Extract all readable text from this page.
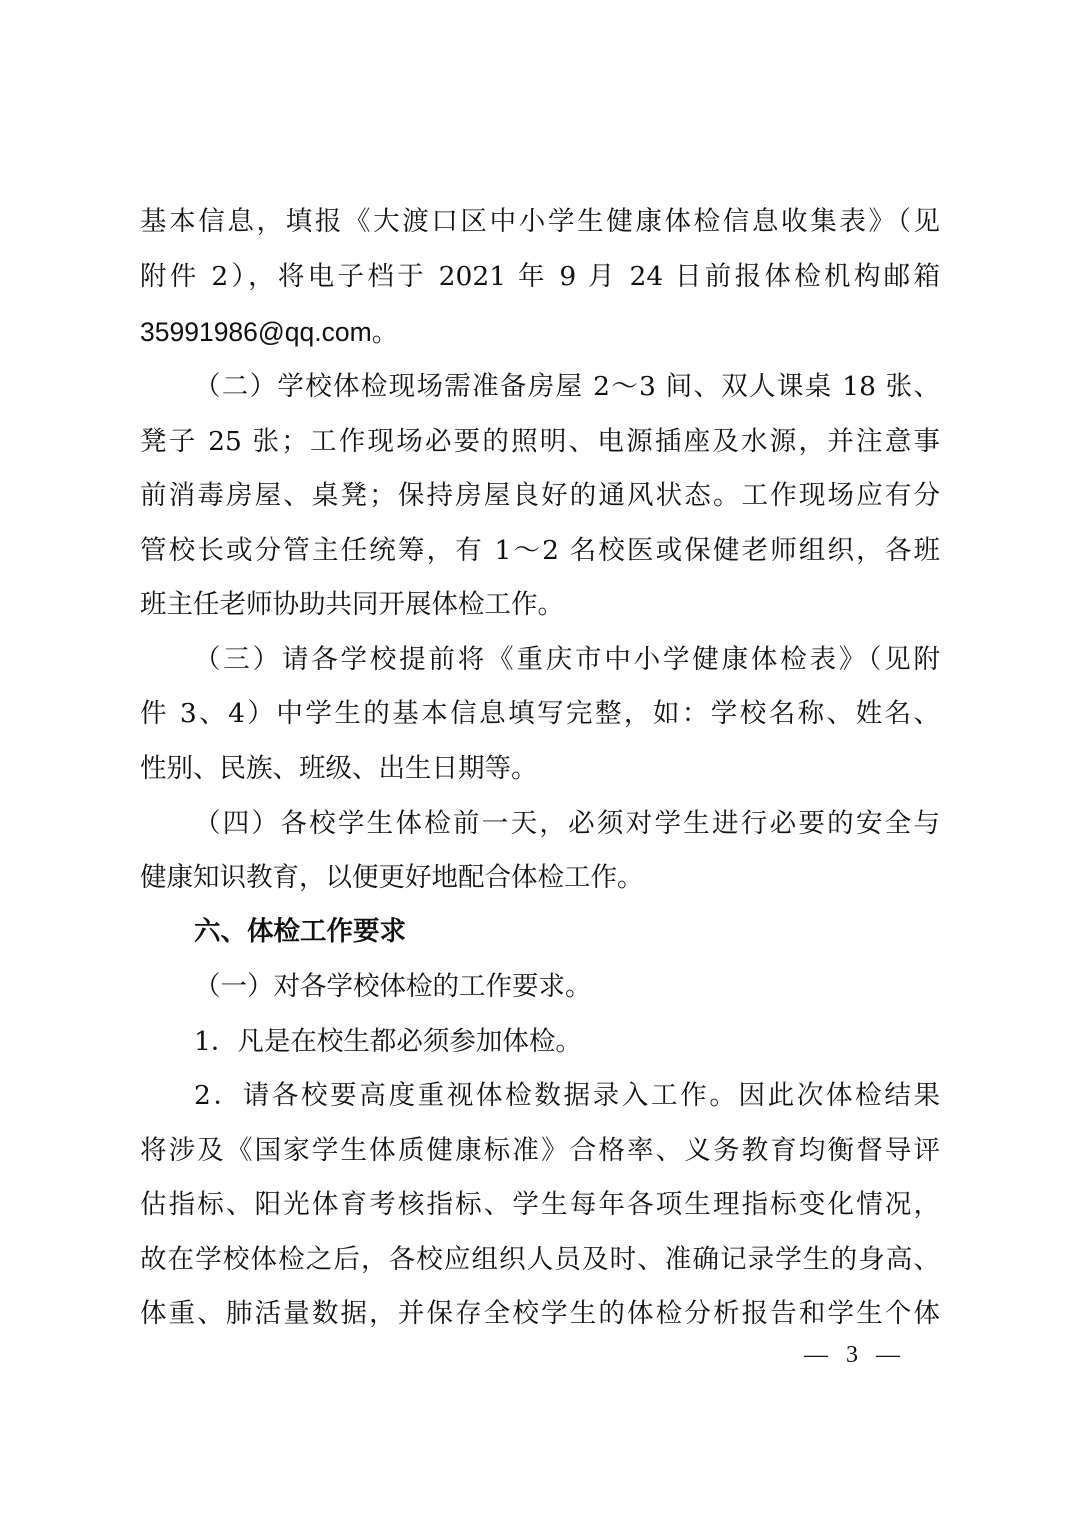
基本信息，填报《大渡口区中小学生健康体检信息收集表》（见
附件 2），将电子档于 2021 年 9 月 24 日前报体检机构邮箱
35991986@qq.com。
（二）学校体检现场需准备房屋 2～3 间、双人课桌 18 张、
凳子 25 张；工作现场必要的照明、电源插座及水源，并注意事
前消毒房屋、桌凳；保持房屋良好的通风状态。工作现场应有分
管校长或分管主任统筹，有 1～2 名校医或保健老师组织，各班
班主任老师协助共同开展体检工作。
（三）请各学校提前将《重庆市中小学健康体检表》（见附
件 3、4）中学生的基本信息填写完整，如：学校名称、姓名、
性别、民族、班级、出生日期等。
（四）各校学生体检前一天，必须对学生进行必要的安全与
健康知识教育，以便更好地配合体检工作。
六、体检工作要求
（一）对各学校体检的工作要求。
1．凡是在校生都必须参加体检。
2．请各校要高度重视体检数据录入工作。因此次体检结果
将涉及《国家学生体质健康标准》合格率、义务教育均衡督导评
估指标、阳光体育考核指标、学生每年各项生理指标变化情况，
故在学校体检之后，各校应组织人员及时、准确记录学生的身高、
体重、肺活量数据，并保存全校学生的体检分析报告和学生个体
— 3 —
